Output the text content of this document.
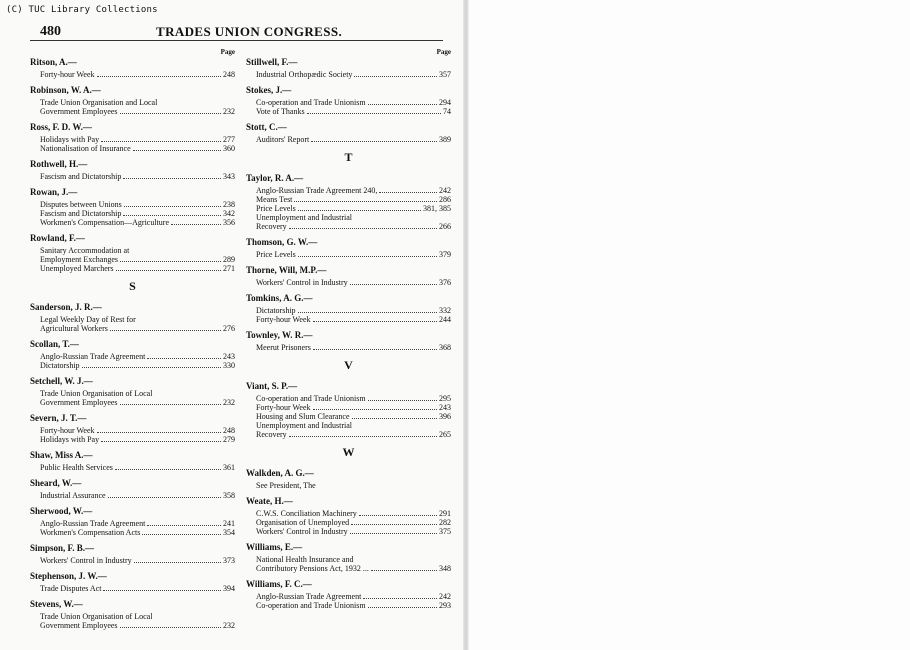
(C) TUC Library Collections
480	TRADES UNION CONGRESS.
Page
Ritson, A.—
Forty-hour Week	248
Robinson, W. A.—
Trade Union Organisation and Local
Government Employees	232
Ross, F. D. W.—
Holidays with Pay	277
Nationalisation of Insurance	360
Rothwell, H.—
Fascism and Dictatorship	343
Rowan, J.—
Disputes between Unions	238
Fascism and Dictatorship	342
Workmen's Compensation—Agriculture	356
Rowland, F.—
Sanitary Accommodation at
Employment Exchanges	289
Unemployed Marchers	271
S
Sanderson, J. R.—
Legal Weekly Day of Rest for
Agricultural Workers	276
Scollan, T.—
Anglo-Russian Trade Agreement	243
Dictatorship	330
Setchell, W. J.—
Trade Union Organisation of Local
Government Employees	232
Severn, J. T.—
Forty-hour Week	248
Holidays with Pay	279
Shaw, Miss A.—
Public Health Services	361
Sheard, W.—
Industrial Assurance	358
Sherwood, W.—
Anglo-Russian Trade Agreement	241
Workmen's Compensation Acts	354
Simpson, F. B.—
Workers' Control in Industry	373
Stephenson, J. W.—
Trade Disputes Act	394
Stevens, W.—
Trade Union Organisation of Local
Government Employees	232
Page
Stillwell, F.—
Industrial Orthopædic Society	357
Stokes, J.—
Co-operation and Trade Unionism	294
Vote of Thanks	74
Stott, C.—
Auditors' Report	389
T
Taylor, R. A.—
Anglo-Russian Trade Agreement 240,	242
Means Test	286
Price Levels	381, 385
Unemployment and Industrial
Recovery	266
Thomson, G. W.—
Price Levels	379
Thorne, Will, M.P.—
Workers' Control in Industry	376
Tomkins, A. G.—
Dictatorship	332
Forty-hour Week	244
Townley, W. R.—
Meerut Prisoners	368
V
Viant, S. P.—
Co-operation and Trade Unionism	295
Forty-hour Week	243
Housing and Slum Clearance	396
Unemployment and Industrial
Recovery	265
W
Walkden, A. G.—
See President, The
Weate, H.—
C.W.S. Conciliation Machinery	291
Organisation of Unemployed	282
Workers' Control in Industry	375
Williams, E.—
National Health Insurance and
Contributory Pensions Act, 1932 ...	348
Williams, F. C.—
Anglo-Russian Trade Agreement	242
Co-operation and Trade Unionism	293
